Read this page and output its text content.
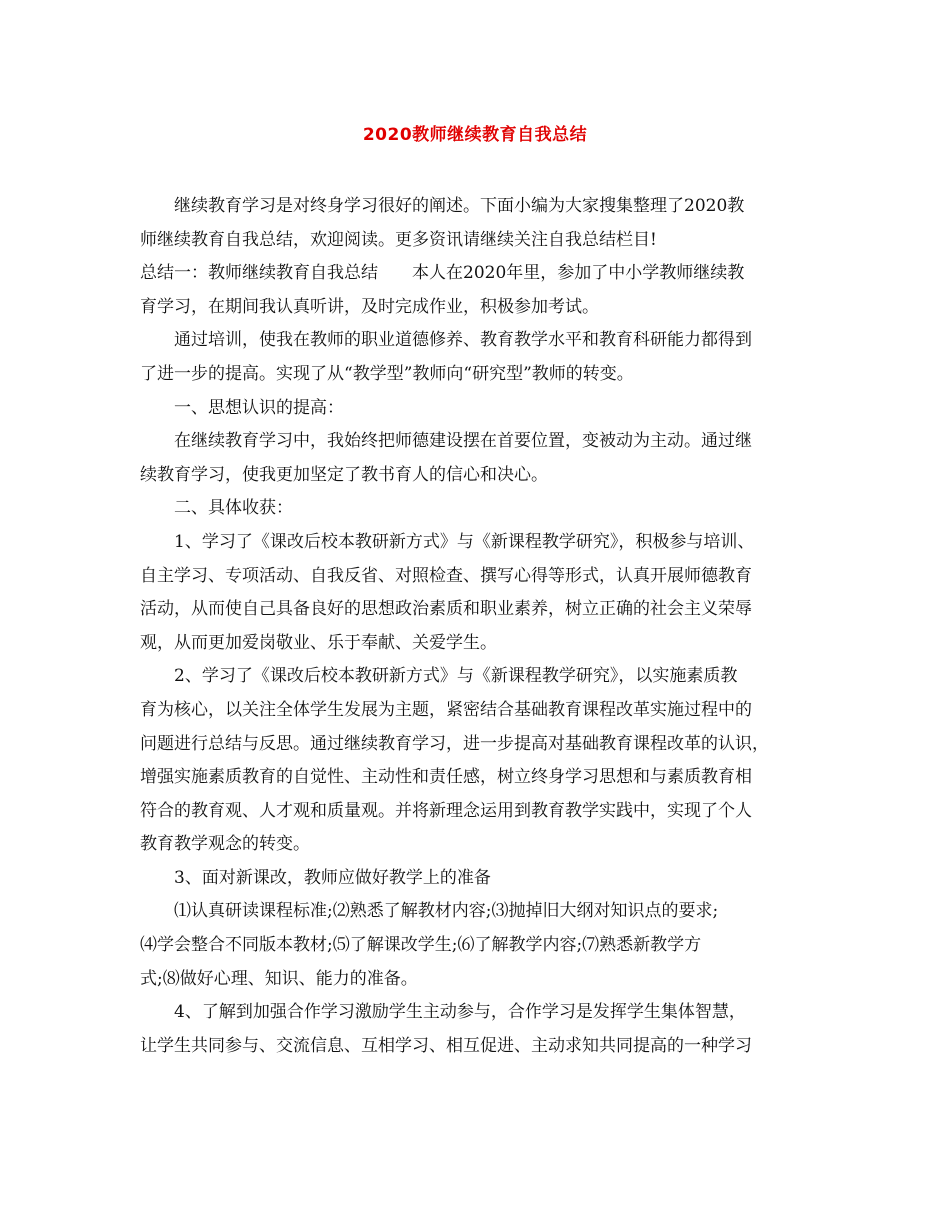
2020教师继续教育自我总结
继续教育学习是对终身学习很好的阐述。下面小编为大家搜集整理了2020教
师继续教育自我总结，欢迎阅读。更多资讯请继续关注自我总结栏目!
总结一：教师继续教育自我总结　　本人在2020年里，参加了中小学教师继续教
育学习，在期间我认真听讲，及时完成作业，积极参加考试。
通过培训，使我在教师的职业道德修养、教育教学水平和教育科研能力都得到
了进一步的提高。实现了从“教学型”教师向“研究型”教师的转变。
一、思想认识的提高：
在继续教育学习中，我始终把师德建设摆在首要位置，变被动为主动。通过继
续教育学习，使我更加坚定了教书育人的信心和决心。
二、具体收获：
1、学习了《课改后校本教研新方式》与《新课程教学研究》，积极参与培训、
自主学习、专项活动、自我反省、对照检查、撰写心得等形式，认真开展师德教育
活动，从而使自己具备良好的思想政治素质和职业素养，树立正确的社会主义荣辱
观，从而更加爱岗敬业、乐于奉献、关爱学生。
2、学习了《课改后校本教研新方式》与《新课程教学研究》，以实施素质教
育为核心，以关注全体学生发展为主题，紧密结合基础教育课程改革实施过程中的
问题进行总结与反思。通过继续教育学习，进一步提高对基础教育课程改革的认识，
增强实施素质教育的自觉性、主动性和责任感，树立终身学习思想和与素质教育相
符合的教育观、人才观和质量观。并将新理念运用到教育教学实践中，实现了个人
教育教学观念的转变。
3、面对新课改，教师应做好教学上的准备
⑴认真研读课程标准;⑵熟悉了解教材内容;⑶抛掉旧大纲对知识点的要求;
⑷学会整合不同版本教材;⑸了解课改学生;⑹了解教学内容;⑺熟悉新教学方
式;⑻做好心理、知识、能力的准备。
4、了解到加强合作学习激励学生主动参与，合作学习是发挥学生集体智慧，
让学生共同参与、交流信息、互相学习、相互促进、主动求知共同提高的一种学习
